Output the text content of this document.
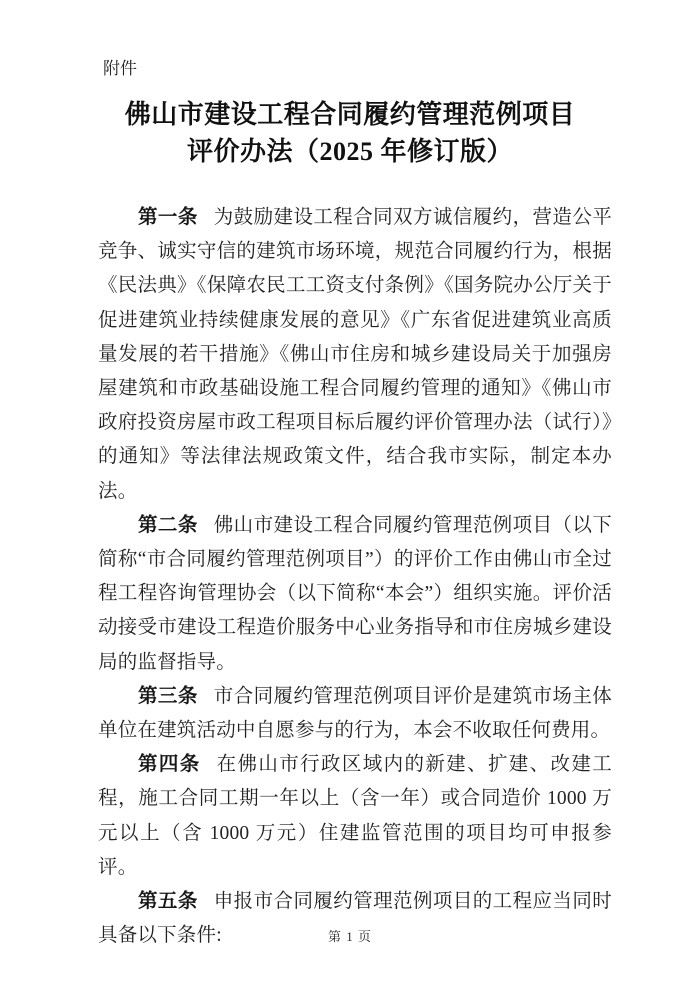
附件
佛山市建设工程合同履约管理范例项目
评价办法（2025 年修订版）

第一条 为鼓励建设工程合同双方诚信履约，营造公平竞争、诚实守信的建筑市场环境，规范合同履约行为，根据《民法典》《保障农民工工资支付条例》《国务院办公厅关于促进建筑业持续健康发展的意见》《广东省促进建筑业高质量发展的若干措施》《佛山市住房和城乡建设局关于加强房屋建筑和市政基础设施工程合同履约管理的通知》《佛山市政府投资房屋市政工程项目标后履约评价管理办法（试行）》的通知》等法律法规政策文件，结合我市实际，制定本办法。

第二条 佛山市建设工程合同履约管理范例项目（以下简称“市合同履约管理范例项目”）的评价工作由佛山市全过程工程咨询管理协会（以下简称“本会”）组织实施。评价活动接受市建设工程造价服务中心业务指导和市住房城乡建设局的监督指导。

第三条 市合同履约管理范例项目评价是建筑市场主体单位在建筑活动中自愿参与的行为，本会不收取任何费用。

第四条 在佛山市行政区域内的新建、扩建、改建工程，施工合同工期一年以上（含一年）或合同造价 1000 万元以上（含 1000 万元）住建监管范围的项目均可申报参评。

第五条 申报市合同履约管理范例项目的工程应当同时具备以下条件:	第 1 页
